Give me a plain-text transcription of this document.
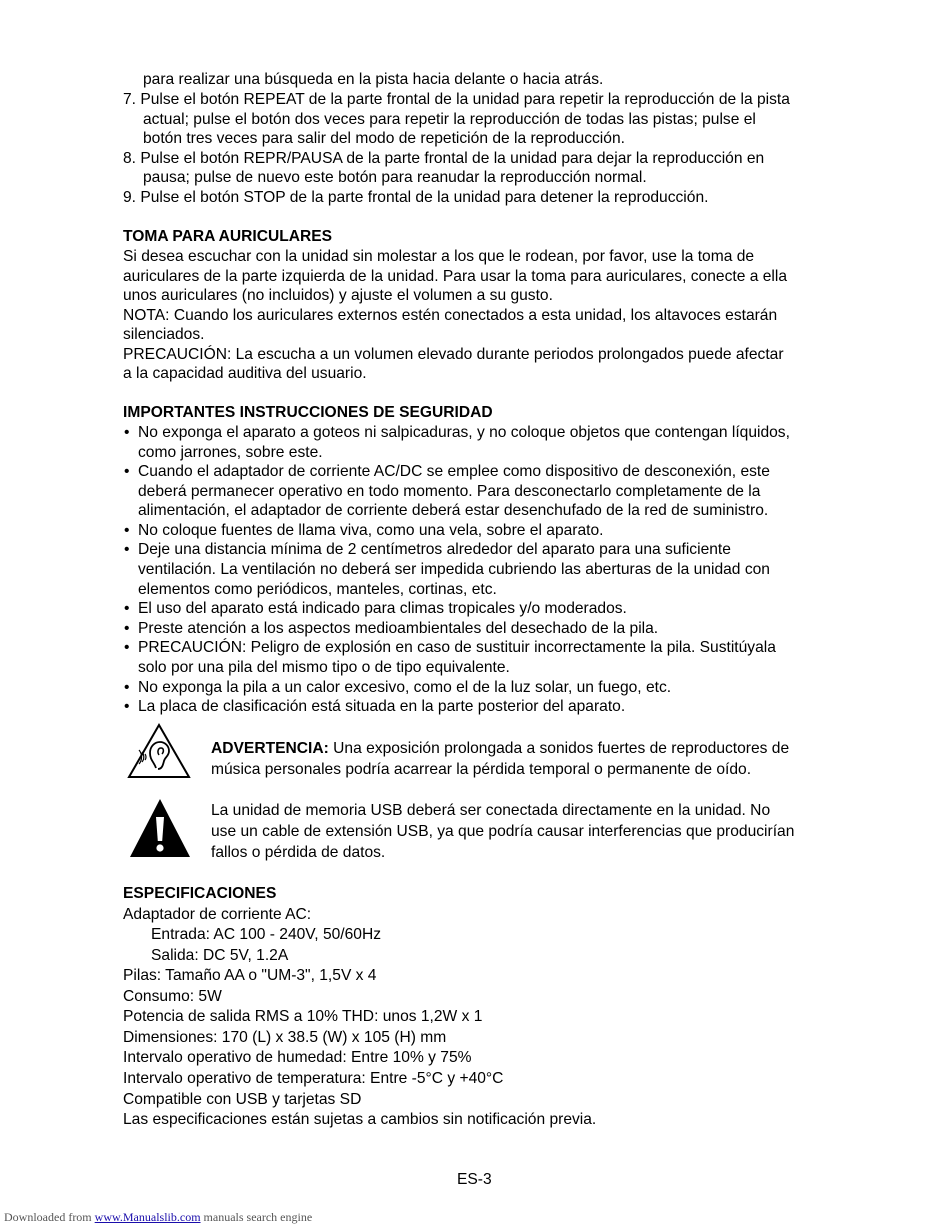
para realizar una búsqueda en la pista hacia delante o hacia atrás.
7. Pulse el botón REPEAT de la parte frontal de la unidad para repetir la reproducción de la pista
actual; pulse el botón dos veces para repetir la reproducción de todas las pistas; pulse el
botón tres veces para salir del modo de repetición de la reproducción.
8. Pulse el botón REPR/PAUSA de la parte frontal de la unidad para dejar la reproducción en
pausa; pulse de nuevo este botón para reanudar la reproducción normal.
9. Pulse el botón STOP de la parte frontal de la unidad para detener la reproducción.
TOMA PARA AURICULARES
Si desea escuchar con la unidad sin molestar a los que le rodean, por favor, use la toma de
auriculares de la parte izquierda de la unidad. Para usar la toma para auriculares, conecte a ella
unos auriculares (no incluidos) y ajuste el volumen a su gusto.
NOTA: Cuando los auriculares externos estén conectados a esta unidad, los altavoces estarán
silenciados.
PRECAUCIÓN: La escucha a un volumen elevado durante periodos prolongados puede afectar
a la capacidad auditiva del usuario.
IMPORTANTES INSTRUCCIONES DE SEGURIDAD
• No exponga el aparato a goteos ni salpicaduras, y no coloque objetos que contengan líquidos,
como jarrones, sobre este.
• Cuando el adaptador de corriente AC/DC se emplee como dispositivo de desconexión, este
deberá permanecer operativo en todo momento. Para desconectarlo completamente de la
alimentación, el adaptador de corriente deberá estar desenchufado de la red de suministro.
• No coloque fuentes de llama viva, como una vela, sobre el aparato.
• Deje una distancia mínima de 2 centímetros alrededor del aparato para una suficiente
ventilación. La ventilación no deberá ser impedida cubriendo las aberturas de la unidad con
elementos como periódicos, manteles, cortinas, etc.
• El uso del aparato está indicado para climas tropicales y/o moderados.
• Preste atención a los aspectos medioambientales del desechado de la pila.
• PRECAUCIÓN: Peligro de explosión en caso de sustituir incorrectamente la pila. Sustitúyala
solo por una pila del mismo tipo o de tipo equivalente.
• No exponga la pila a un calor excesivo, como el de la luz solar, un fuego, etc.
• La placa de clasificación está situada en la parte posterior del aparato.
ADVERTENCIA: Una exposición prolongada a sonidos fuertes de reproductores de
música personales podría acarrear la pérdida temporal o permanente de oído.
La unidad de memoria USB deberá ser conectada directamente en la unidad. No
use un cable de extensión USB, ya que podría causar interferencias que producirían
fallos o pérdida de datos.
ESPECIFICACIONES
Adaptador de corriente AC:
Entrada: AC 100 - 240V, 50/60Hz
Salida: DC 5V, 1.2A
Pilas: Tamaño AA o "UM-3", 1,5V x 4
Consumo: 5W
Potencia de salida RMS a 10% THD: unos 1,2W x 1
Dimensiones: 170 (L) x 38.5 (W) x 105 (H) mm
Intervalo operativo de humedad: Entre 10% y 75%
Intervalo operativo de temperatura: Entre -5°C y +40°C
Compatible con USB y tarjetas SD
Las especificaciones están sujetas a cambios sin notificación previa.
ES-3
Downloaded from www.Manualslib.com manuals search engine
